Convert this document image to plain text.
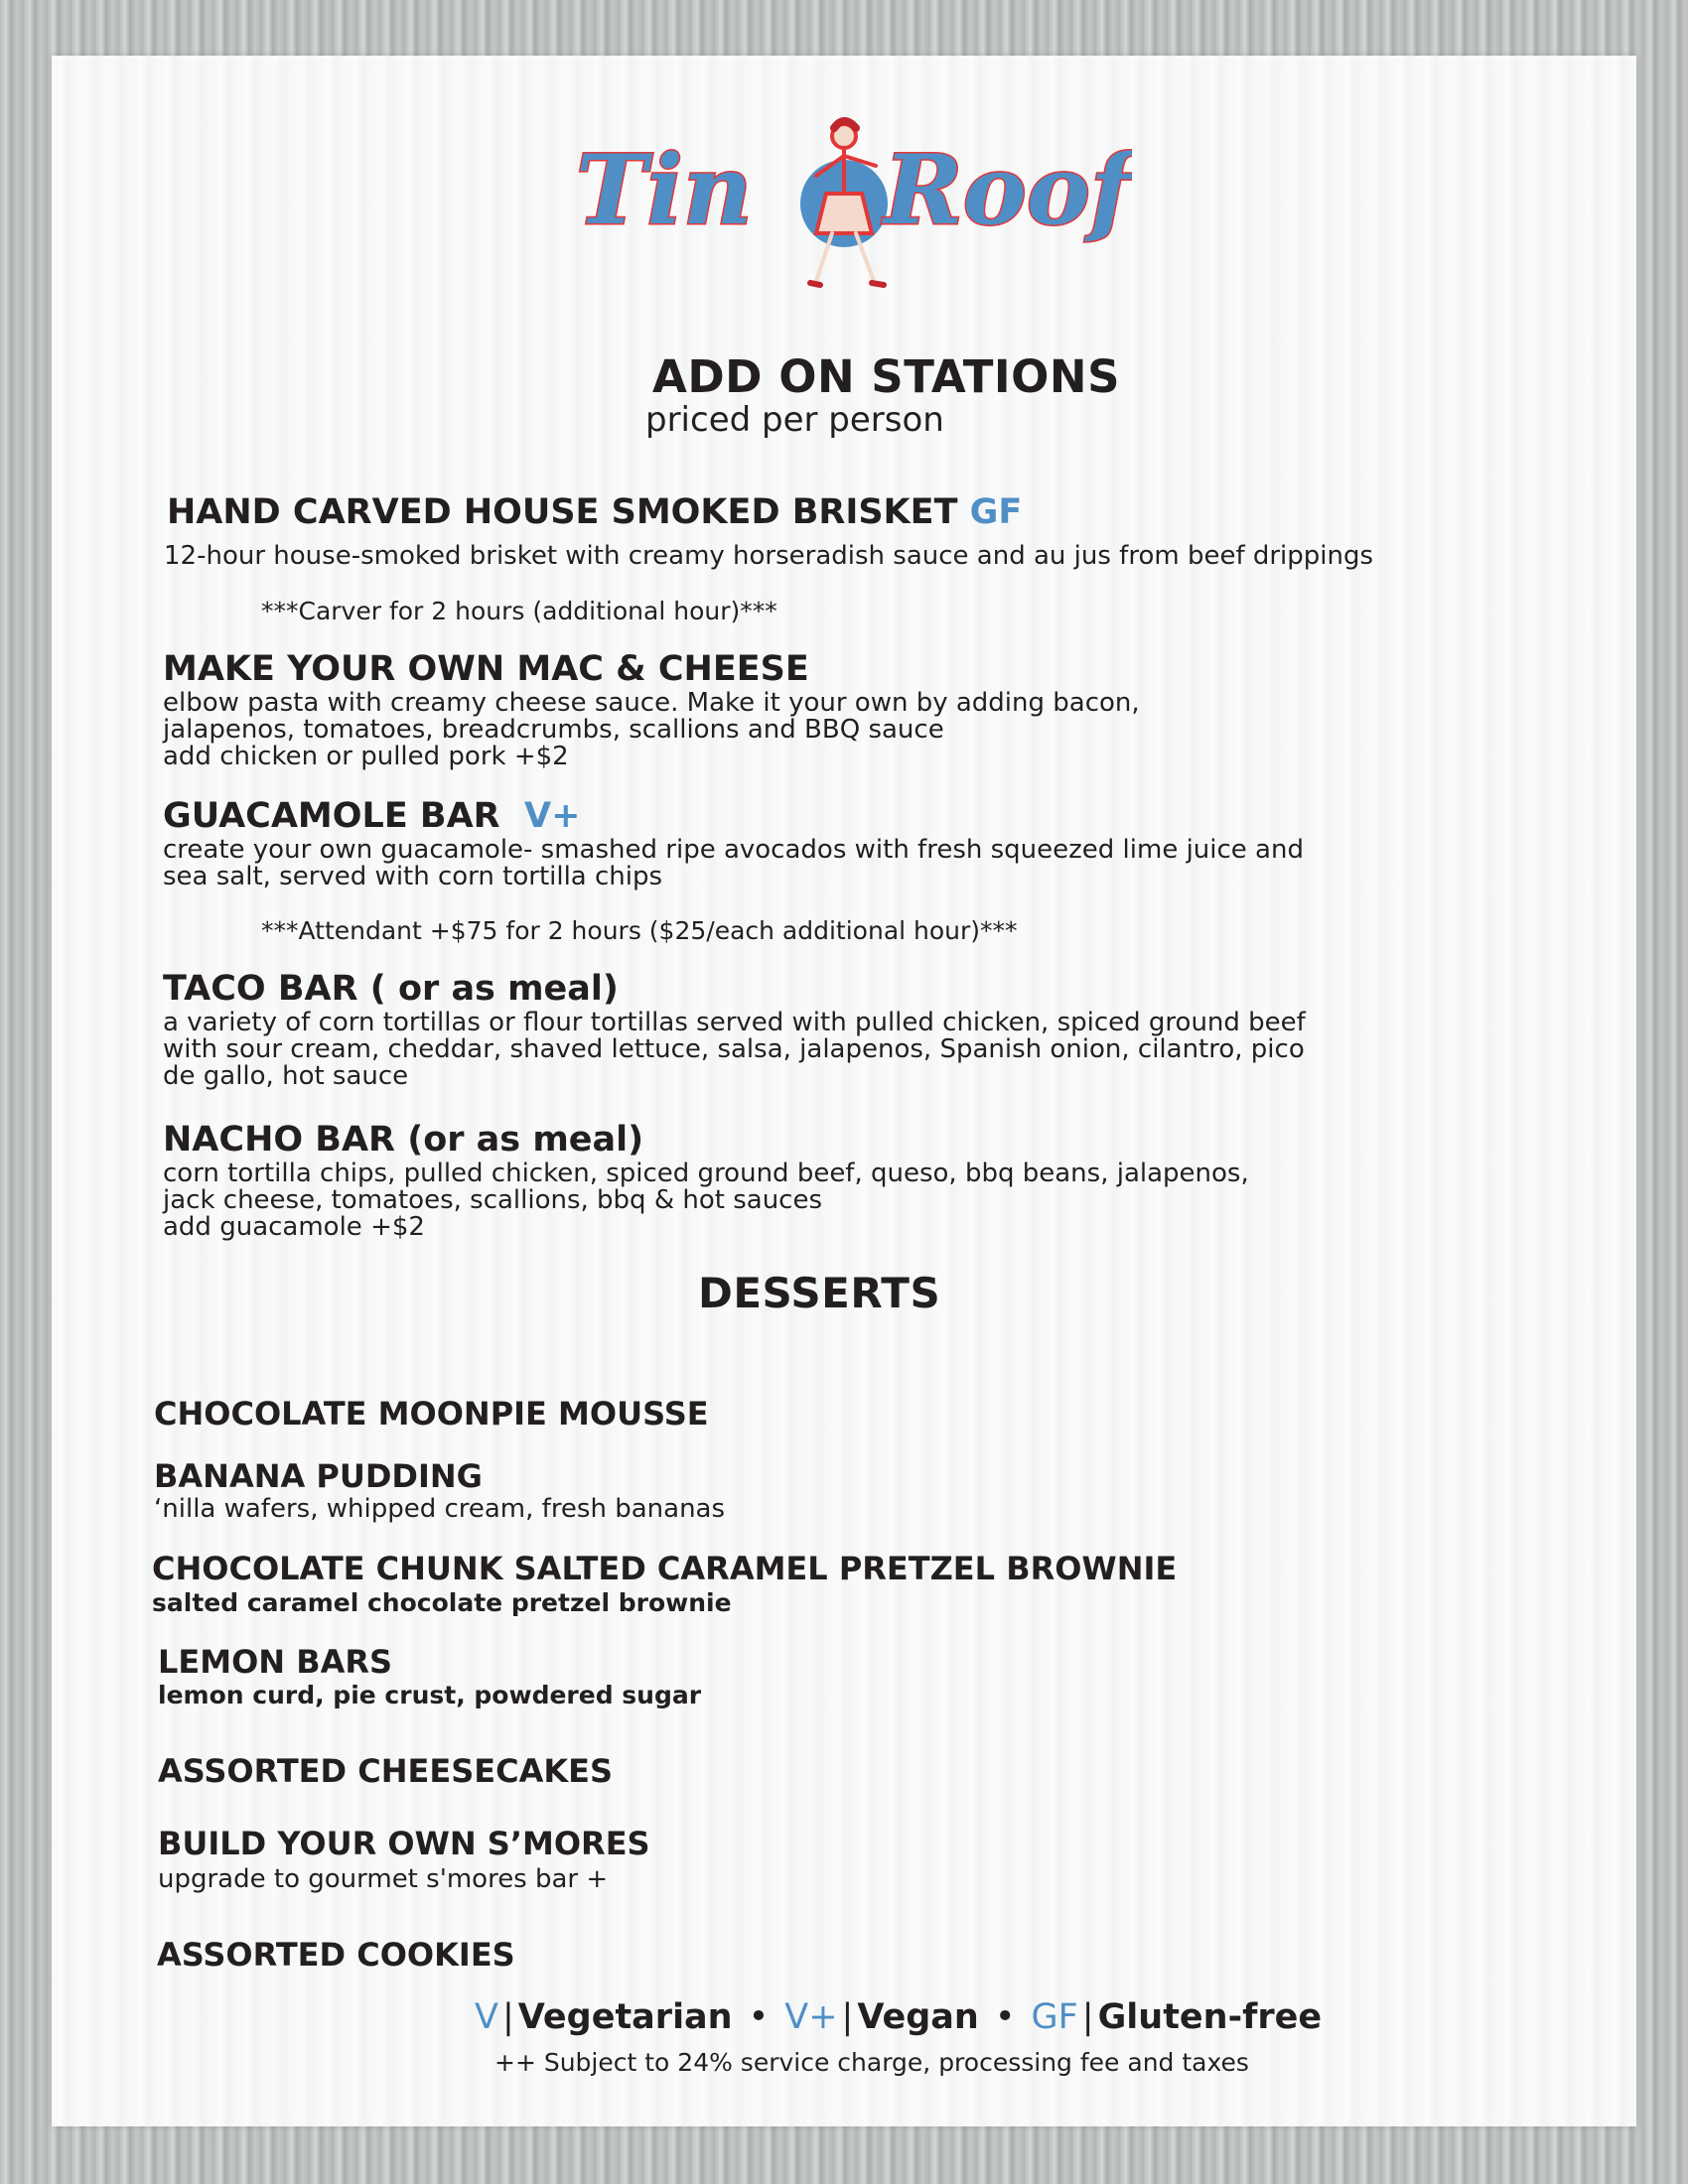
Tin Roof

ADD ON STATIONS

priced per person

HAND CARVED HOUSE SMOKED BRISKET GF

12-hour house-smoked brisket with creamy horseradish sauce and au jus from beef drippings

***Carver for 2 hours (additional hour)***

MAKE YOUR OWN MAC & CHEESE

elbow pasta with creamy cheese sauce. Make it your own by adding bacon,

jalapenos, tomatoes, breadcrumbs, scallions and BBQ sauce

add chicken or pulled pork +$2

GUACAMOLE BAR V+

create your own guacamole- smashed ripe avocados with fresh squeezed lime juice and

sea salt, served with corn tortilla chips

***Attendant +$75 for 2 hours ($25/each additional hour)***

TACO BAR ( or as meal)

a variety of corn tortillas or flour tortillas served with pulled chicken, spiced ground beef

with sour cream, cheddar, shaved lettuce, salsa, jalapenos, Spanish onion, cilantro, pico

de gallo, hot sauce

NACHO BAR (or as meal)

corn tortilla chips, pulled chicken, spiced ground beef, queso, bbq beans, jalapenos,

jack cheese, tomatoes, scallions, bbq & hot sauces

add guacamole +$2

DESSERTS

CHOCOLATE MOONPIE MOUSSE

BANANA PUDDING

‘nilla wafers, whipped cream, fresh bananas

CHOCOLATE CHUNK SALTED CARAMEL PRETZEL BROWNIE

salted caramel chocolate pretzel brownie

LEMON BARS

lemon curd, pie crust, powdered sugar

ASSORTED CHEESECAKES

BUILD YOUR OWN S’MORES

upgrade to gourmet s'mores bar +

ASSORTED COOKIES

V | Vegetarian • V+ | Vegan • GF | Gluten-free

++ Subject to 24% service charge, processing fee and taxes
